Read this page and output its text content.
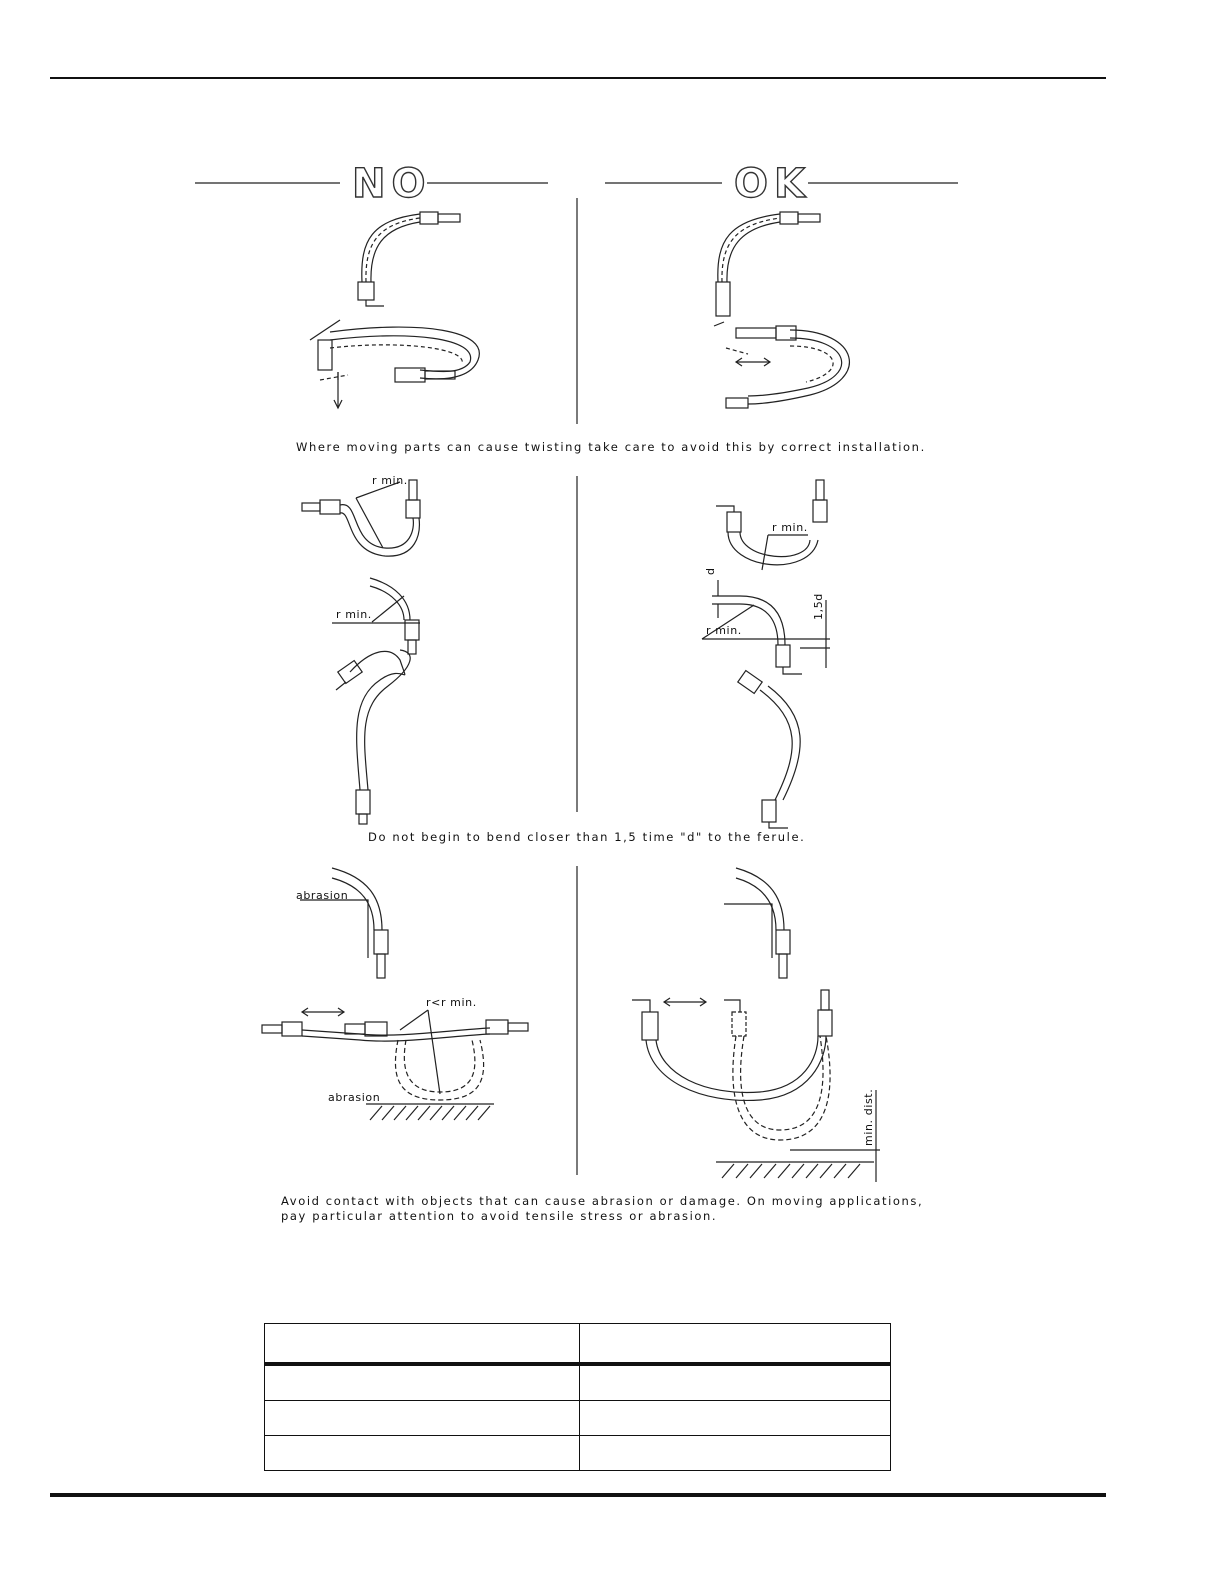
NO	OK
Where moving parts can cause twisting take care to avoid this by correct installation.
r min.
r min.
r min.
d
r min.
1,5d
Do not begin to bend closer than 1,5 time "d" to the ferule.
abrasion
r<r min.
abrasion	min. dist.
Avoid contact with objects that can cause abrasion or damage. On moving applications,
pay particular attention to avoid tensile stress or abrasion.
